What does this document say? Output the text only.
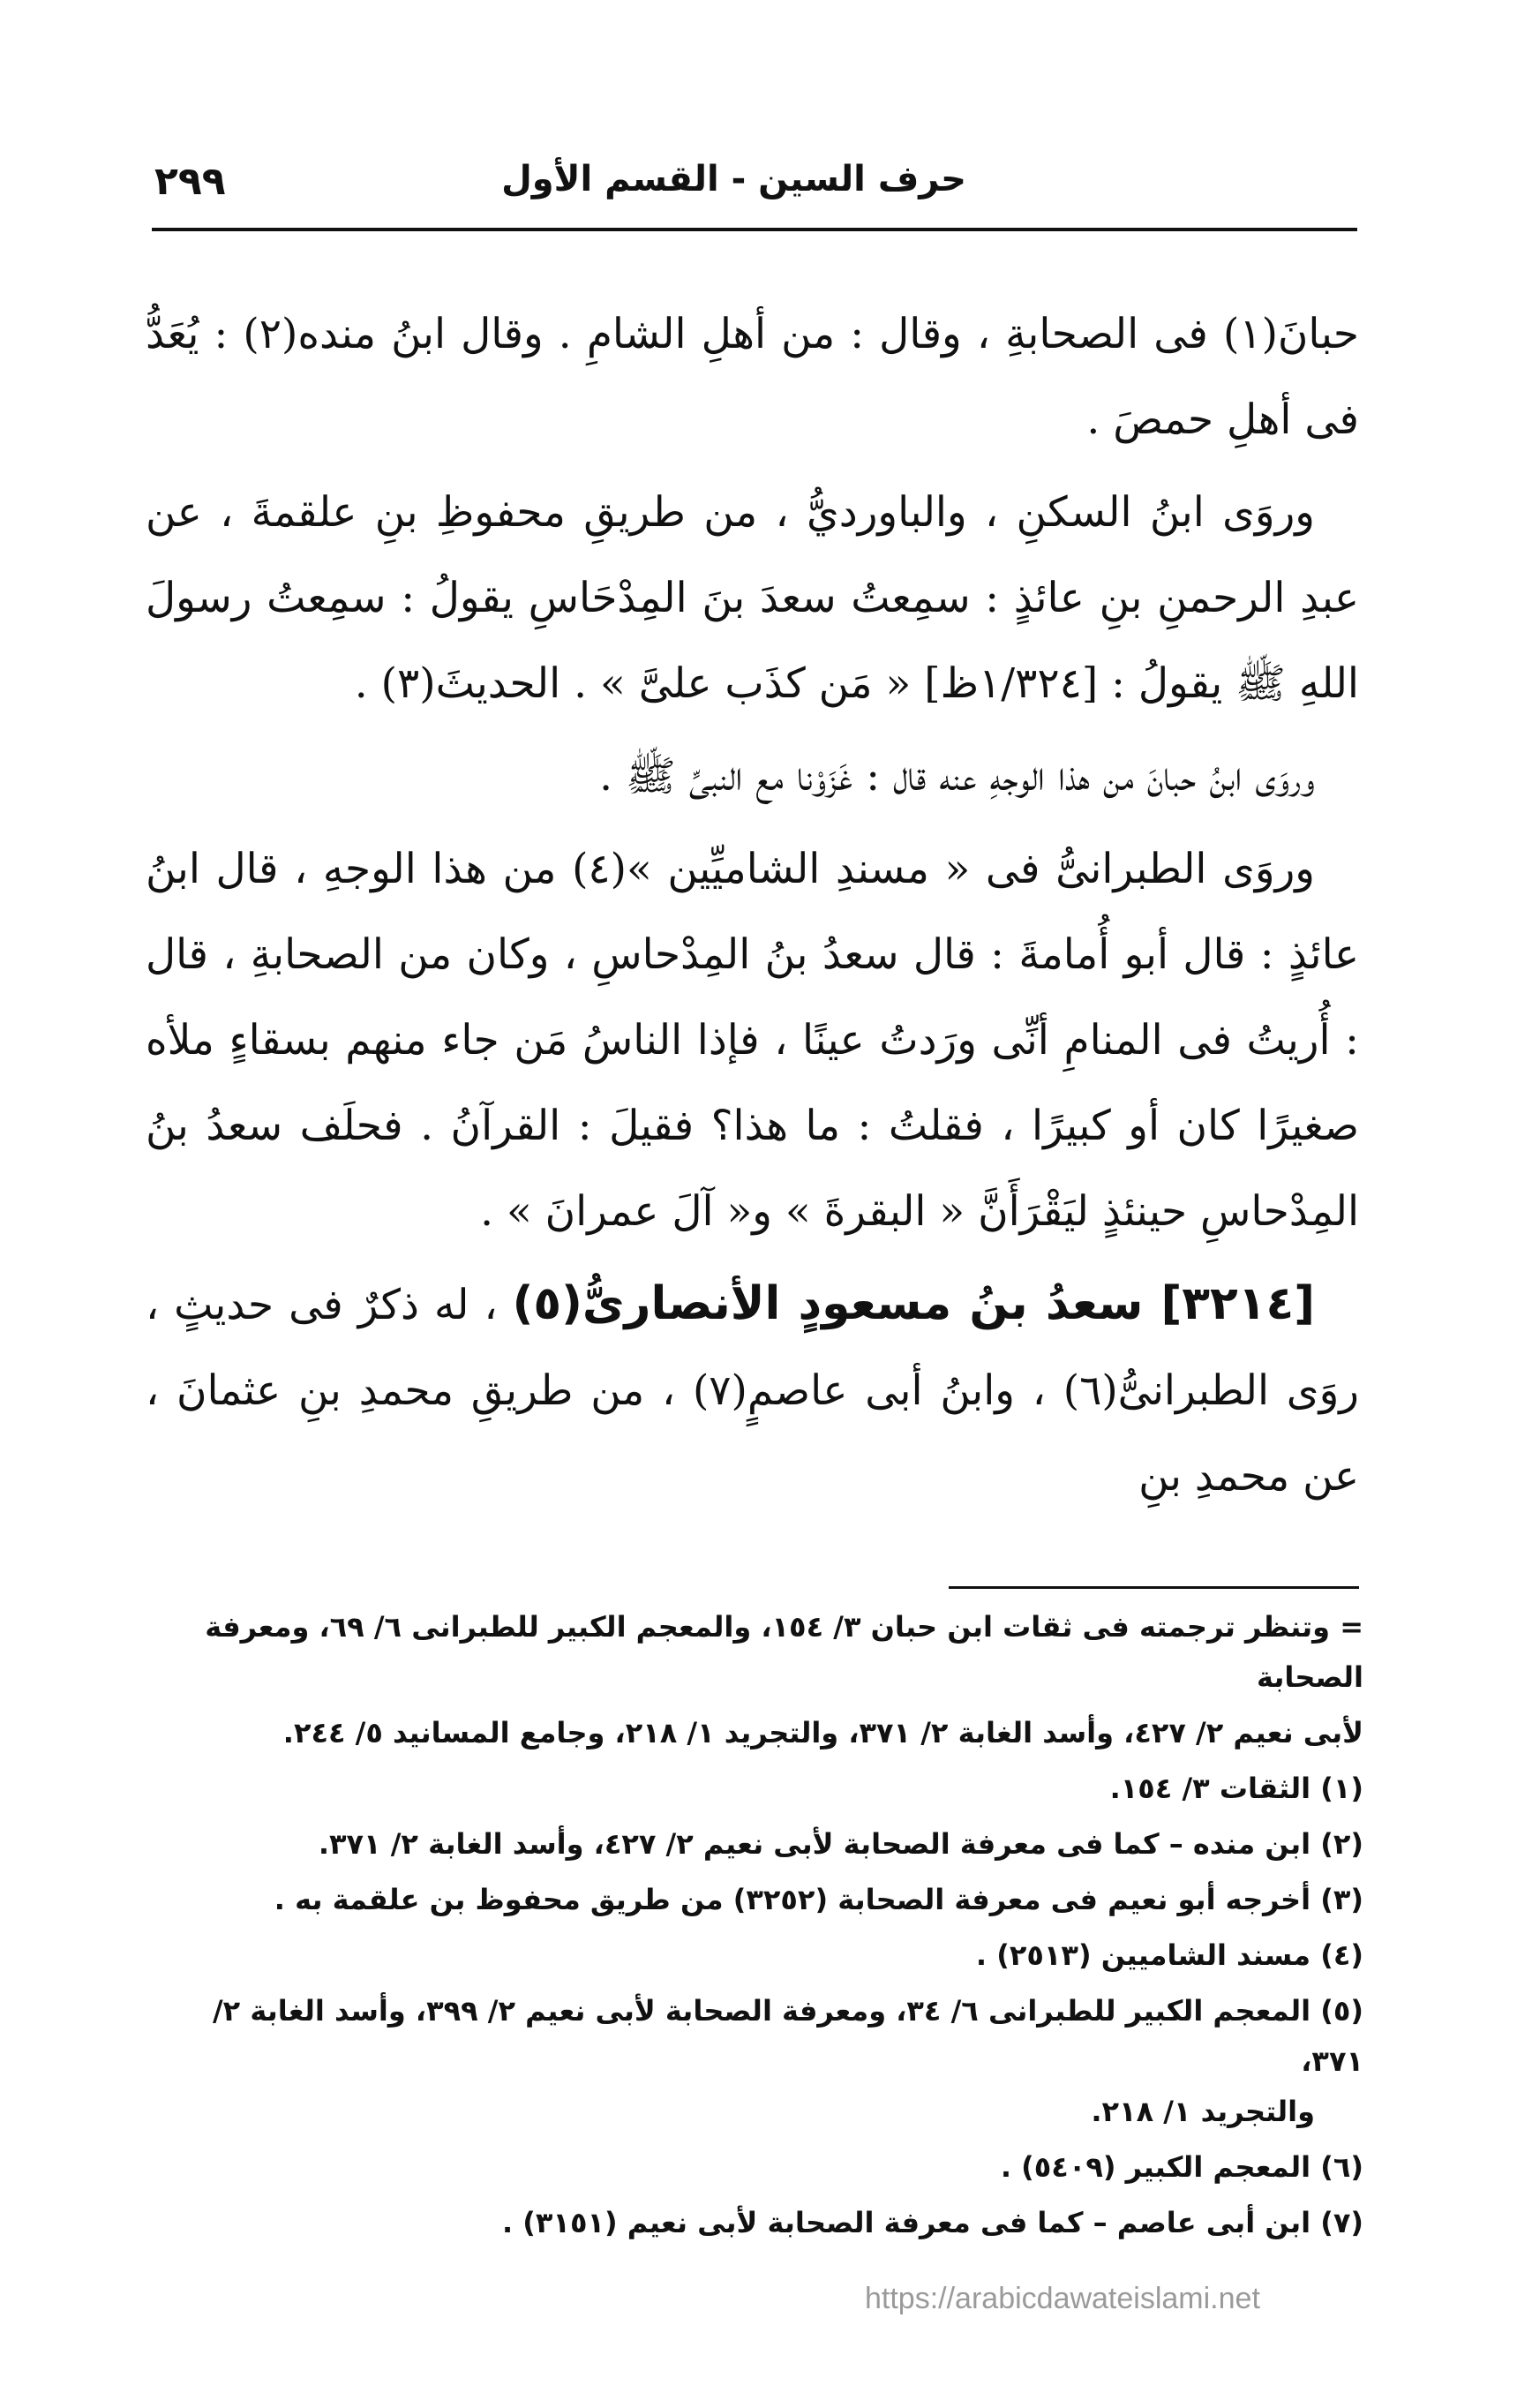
حرف السين - القسم الأول
٢٩٩

حبانَ(١) فى الصحابةِ ، وقال : من أهلِ الشامِ . وقال ابنُ منده(٢) : يُعَدُّ فى أهلِ حمصَ .

وروَى ابنُ السكنِ ، والباورديُّ ، من طريقِ محفوظِ بنِ علقمةَ ، عن عبدِ الرحمنِ بنِ عائذٍ : سمِعتُ سعدَ بنَ المِدْحَاسِ يقولُ : سمِعتُ رسولَ اللهِ ﷺ يقولُ : [١/٣٢٤ظ] « مَن كذَب علىَّ » . الحديثَ(٣) .

وروَى ابنُ حبانَ من هذا الوجهِ عنه قال : غَزَوْنا مع النبىِّ ﷺ .

وروَى الطبرانىُّ فى « مسندِ الشاميِّين »(٤) من هذا الوجهِ ، قال ابنُ عائذٍ : قال أبو أُمامةَ : قال سعدُ بنُ المِدْحاسِ ، وكان من الصحابةِ ، قال : أُريتُ فى المنامِ أنِّى ورَدتُ عينًا ، فإذا الناسُ مَن جاء منهم بسقاءٍ ملأه صغيرًا كان أو كبيرًا ، فقلتُ : ما هذا؟ فقيلَ : القرآنُ . فحلَف سعدُ بنُ المِدْحاسِ حينئذٍ ليَقْرَأَنَّ « البقرةَ » و« آلَ عمرانَ » .

[٣٢١٤] سعدُ بنُ مسعودٍ الأنصارىُّ(٥) ، له ذكرٌ فى حديثٍ ، روَى الطبرانىُّ(٦) ، وابنُ أبى عاصمٍ(٧) ، من طريقِ محمدِ بنِ عثمانَ ، عن محمدِ بنِ

= وتنظر ترجمته فى ثقات ابن حبان ٣/ ١٥٤، والمعجم الكبير للطبرانى ٦/ ٦٩، ومعرفة الصحابة
لأبى نعيم ٢/ ٤٢٧، وأسد الغابة ٢/ ٣٧١، والتجريد ١/ ٢١٨، وجامع المسانيد ٥/ ٢٤٤.
(١) الثقات ٣/ ١٥٤.
(٢) ابن منده – كما فى معرفة الصحابة لأبى نعيم ٢/ ٤٢٧، وأسد الغابة ٢/ ٣٧١.
(٣) أخرجه أبو نعيم فى معرفة الصحابة (٣٢٥٢) من طريق محفوظ بن علقمة به .
(٤) مسند الشاميين (٢٥١٣) .
(٥) المعجم الكبير للطبرانى ٦/ ٣٤، ومعرفة الصحابة لأبى نعيم ٢/ ٣٩٩، وأسد الغابة ٢/ ٣٧١،
والتجريد ١/ ٢١٨.
(٦) المعجم الكبير (٥٤٠٩) .
(٧) ابن أبى عاصم – كما فى معرفة الصحابة لأبى نعيم (٣١٥١) .
https://arabicdawateislami.net
